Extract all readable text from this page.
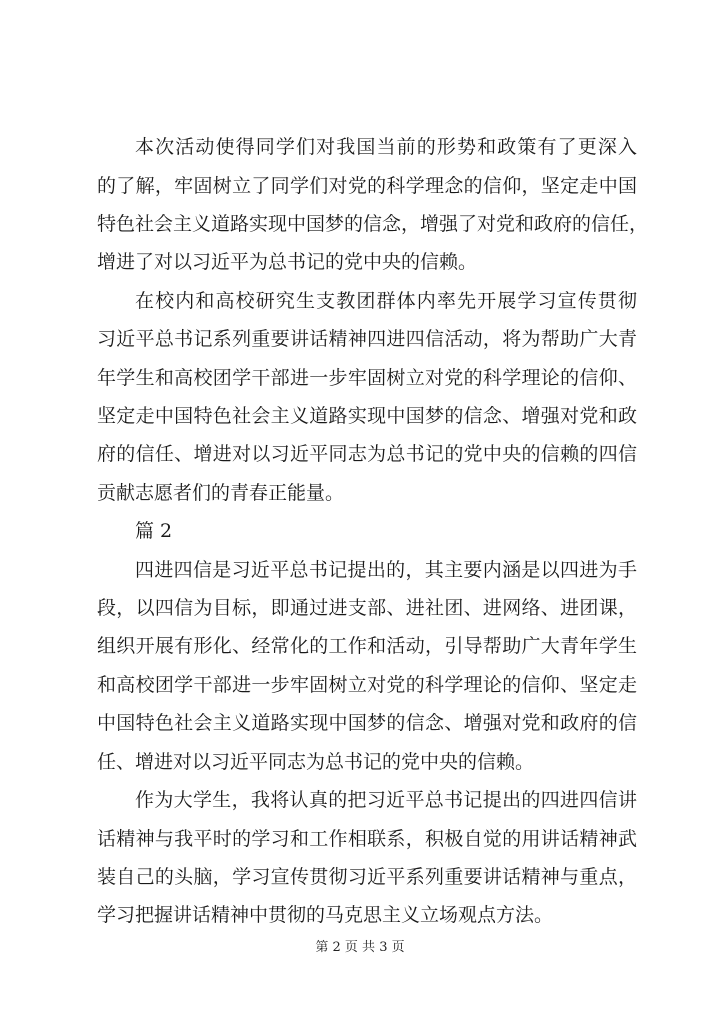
本次活动使得同学们对我国当前的形势和政策有了更深入
的了解，牢固树立了同学们对党的科学理念的信仰，坚定走中国
特色社会主义道路实现中国梦的信念，增强了对党和政府的信任，
增进了对以习近平为总书记的党中央的信赖。
在校内和高校研究生支教团群体内率先开展学习宣传贯彻
习近平总书记系列重要讲话精神四进四信活动，将为帮助广大青
年学生和高校团学干部进一步牢固树立对党的科学理论的信仰、
坚定走中国特色社会主义道路实现中国梦的信念、增强对党和政
府的信任、增进对以习近平同志为总书记的党中央的信赖的四信
贡献志愿者们的青春正能量。
篇 2
四进四信是习近平总书记提出的，其主要内涵是以四进为手
段，以四信为目标，即通过进支部、进社团、进网络、进团课，
组织开展有形化、经常化的工作和活动，引导帮助广大青年学生
和高校团学干部进一步牢固树立对党的科学理论的信仰、坚定走
中国特色社会主义道路实现中国梦的信念、增强对党和政府的信
任、增进对以习近平同志为总书记的党中央的信赖。
作为大学生，我将认真的把习近平总书记提出的四进四信讲
话精神与我平时的学习和工作相联系，积极自觉的用讲话精神武
装自己的头脑，学习宣传贯彻习近平系列重要讲话精神与重点，
学习把握讲话精神中贯彻的马克思主义立场观点方法。
第 2 页 共 3 页
